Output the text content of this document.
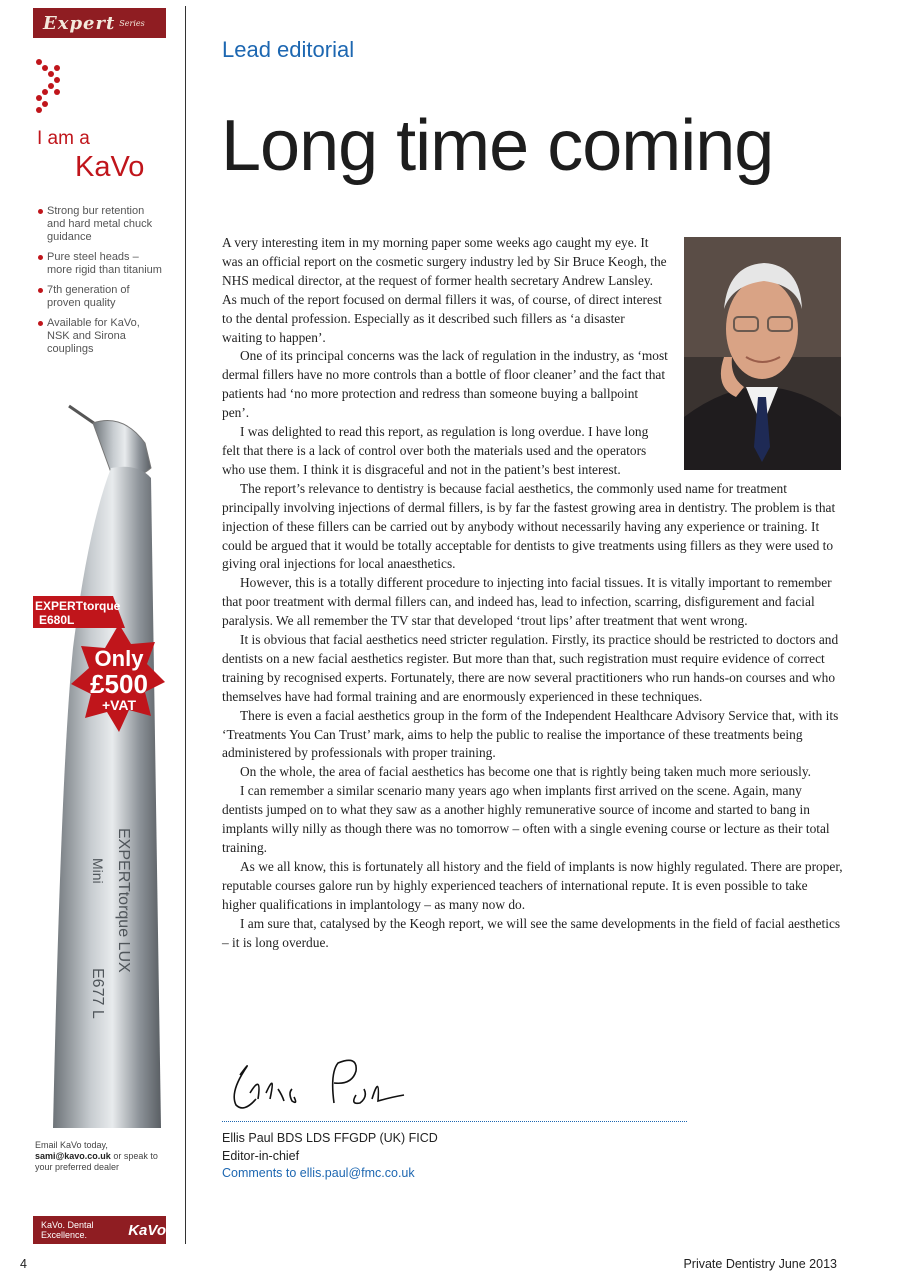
Expert Series
I am a
KaVo
Strong bur retention and hard metal chuck guidance
Pure steel heads – more rigid than titanium
7th generation of proven quality
Available for KaVo, NSK and Sirona couplings
EXPERTtorque LUX
Mini
E677 L
EXPERTtorque
E680L
Only
£500
+VAT
Email KaVo today,
sami@kavo.co.uk or speak to your preferred dealer
KaVo. Dental Excellence.	KaVo
Lead editorial
Long time coming

A very interesting item in my morning paper some weeks ago caught my eye. It was an official report on the cosmetic surgery industry led by Sir Bruce Keogh, the NHS medical director, at the request of former health secretary Andrew Lansley. As much of the report focused on dermal fillers it was, of course, of direct interest to the dental profession. Especially as it described such fillers as ‘a disaster waiting to happen’.

One of its principal concerns was the lack of regulation in the industry, as ‘most dermal fillers have no more controls than a bottle of floor cleaner’ and the fact that patients had ‘no more protection and redress than someone buying a ballpoint pen’.

I was delighted to read this report, as regulation is long overdue. I have long felt that there is a lack of control over both the materials used and the operators who use them. I think it is disgraceful and not in the patient’s best interest.

The report’s relevance to dentistry is because facial aesthetics, the commonly used name for treatment principally involving injections of dermal fillers, is by far the fastest growing area in dentistry. The problem is that injection of these fillers can be carried out by anybody without necessarily having any experience or training. It could be argued that it would be totally acceptable for dentists to give treatments using fillers as they were used to giving oral injections for local anaesthetics.

However, this is a totally different procedure to injecting into facial tissues. It is vitally important to remember that poor treatment with dermal fillers can, and indeed has, lead to infection, scarring, disfigurement and facial paralysis. We all remember the TV star that developed ‘trout lips’ after treatment that went wrong.

It is obvious that facial aesthetics need stricter regulation. Firstly, its practice should be restricted to doctors and dentists on a new facial aesthetics register. But more than that, such registration must require evidence of correct training by recognised experts. Fortunately, there are now several practitioners who run hands-on courses and who themselves have had formal training and are enormously experienced in these techniques.

There is even a facial aesthetics group in the form of the Independent Healthcare Advisory Service that, with its ‘Treatments You Can Trust’ mark, aims to help the public to realise the importance of these treatments being administered by professionals with proper training.

On the whole, the area of facial aesthetics has become one that is rightly being taken much more seriously.

I can remember a similar scenario many years ago when implants first arrived on the scene. Again, many dentists jumped on to what they saw as a another highly remunerative source of income and started to bang in implants willy nilly as though there was no tomorrow – often with a single evening course or lecture as their total training.

As we all know, this is fortunately all history and the field of implants is now highly regulated. There are proper, reputable courses galore run by highly experienced teachers of international repute. It is even possible to take higher qualifications in implantology – as many now do.

I am sure that, catalysed by the Keogh report, we will see the same developments in the field of facial aesthetics – it is long overdue.

Ellis Paul BDS LDS FFGDP (UK) FICD
Editor-in-chief
Comments to ellis.paul@fmc.co.uk
4	Private Dentistry June 2013
